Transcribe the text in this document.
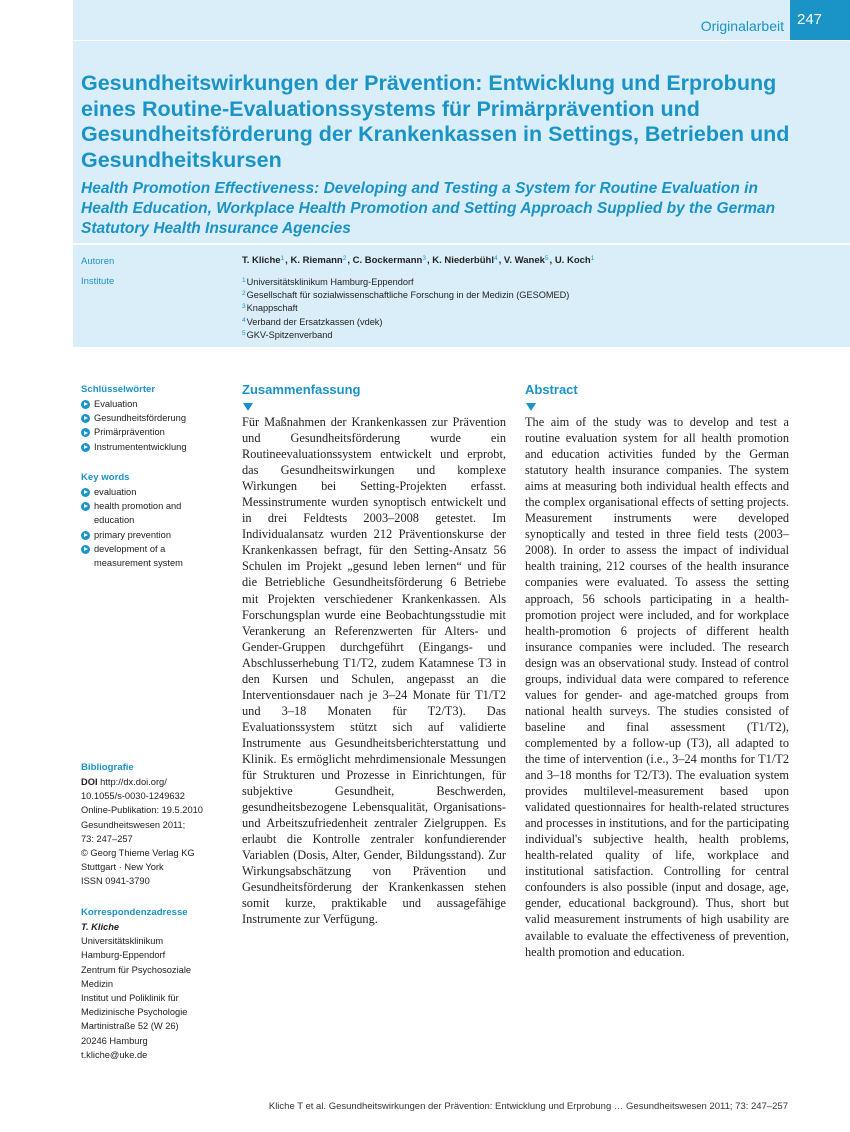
Originalarbeit 247
Gesundheitswirkungen der Prävention: Entwicklung und Erprobung eines Routine-Evaluationssystems für Primärprävention und Gesundheitsförderung der Krankenkassen in Settings, Betrieben und Gesundheitskursen
Health Promotion Effectiveness: Developing and Testing a System for Routine Evaluation in Health Education, Workplace Health Promotion and Setting Approach Supplied by the German Statutory Health Insurance Agencies
Autoren
Institute
T. Kliche$^1$, K. Riemann$^2$, C. Bockermann$^3$, K. Niederbühl$^4$, V. Wanek$^5$, U. Koch$^1$
$^1$Universitätsklinikum Hamburg-Eppendorf
$^2$Gesellschaft für sozialwissenschaftliche Forschung in der Medizin (GESOMED)
$^3$Knappschaft
$^4$Verband der Ersatzkassen (vdek)
$^5$GKV-Spitzenverband
Schlüsselwörter
Evaluation
Gesundheitsförderung
Primärprävention
Instrumententwicklung
Key words
evaluation
health promotion and education
primary prevention
development of a measurement system
Bibliografie
DOI http://dx.doi.org/
10.1055/s-0030-1249632
Online-Publikation: 19.5.2010
Gesundheitswesen 2011;
73: 247–257
© Georg Thieme Verlag KG
Stuttgart · New York
ISSN 0941-3790
Korrespondenzadresse
T. Kliche
Universitätsklinikum
Hamburg-Eppendorf
Zentrum für Psychosoziale
Medizin
Institut und Poliklinik für
Medizinische Psychologie
Martinistraße 52 (W 26)
20246 Hamburg
t.kliche@uke.de
Zusammenfassung

Für Maßnahmen der Krankenkassen zur Prävention und Gesundheitsförderung wurde ein Routineevaluationssystem entwickelt und erprobt, das Gesundheitswirkungen und komplexe Wirkungen bei Setting-Projekten erfasst. Messinstrumente wurden synoptisch entwickelt und in drei Feldtests 2003–2008 getestet. Im Individualansatz wurden 212 Präventionskurse der Krankenkassen befragt, für den Setting-Ansatz 56 Schulen im Projekt „gesund leben lernen“ und für die Betriebliche Gesundheitsförderung 6 Betriebe mit Projekten verschiedener Krankenkassen. Als Forschungsplan wurde eine Beobachtungsstudie mit Verankerung an Referenzwerten für Alters- und Gender-Gruppen durchgeführt (Eingangs- und Abschlusserhebung T1/T2, zudem Katamnese T3 in den Kursen und Schulen, angepasst an die Interventionsdauer nach je 3–24 Monate für T1/T2 und 3–18 Monaten für T2/T3). Das Evaluationssystem stützt sich auf validierte Instrumente aus Gesundheitsberichterstattung und Klinik. Es ermöglicht mehrdimensionale Messungen für Strukturen und Prozesse in Einrichtungen, für subjektive Gesundheit, Beschwerden, gesundheitsbezogene Lebensqualität, Organisations- und Arbeitszufriedenheit zentraler Zielgruppen. Es erlaubt die Kontrolle zentraler konfundierender Variablen (Dosis, Alter, Gender, Bildungsstand). Zur Wirkungsabschätzung von Prävention und Gesundheitsförderung der Krankenkassen stehen somit kurze, praktikable und aussagefähige Instrumente zur Verfügung.

Abstract

The aim of the study was to develop and test a routine evaluation system for all health promotion and education activities funded by the German statutory health insurance companies. The system aims at measuring both individual health effects and the complex organisational effects of setting projects. Measurement instruments were developed synoptically and tested in three field tests (2003–2008). In order to assess the impact of individual health training, 212 courses of the health insurance companies were evaluated. To assess the setting approach, 56 schools participating in a health-promotion project were included, and for workplace health-promotion 6 projects of different health insurance companies were included. The research design was an observational study. Instead of control groups, individual data were compared to reference values for gender- and age-matched groups from national health surveys. The studies consisted of baseline and final assessment (T1/T2), complemented by a follow-up (T3), all adapted to the time of intervention (i.e., 3–24 months for T1/T2 and 3–18 months for T2/T3). The evaluation system provides multilevel-measurement based upon validated questionnaires for health-related structures and processes in institutions, and for the participating individual's subjective health, health problems, health-related quality of life, workplace and institutional satisfaction. Controlling for central confounders is also possible (input and dosage, age, gender, educational background). Thus, short but valid measurement instruments of high usability are available to evaluate the effectiveness of prevention, health promotion and education.

Kliche T et al. Gesundheitswirkungen der Prävention: Entwicklung und Erprobung … Gesundheitswesen 2011; 73: 247–257
